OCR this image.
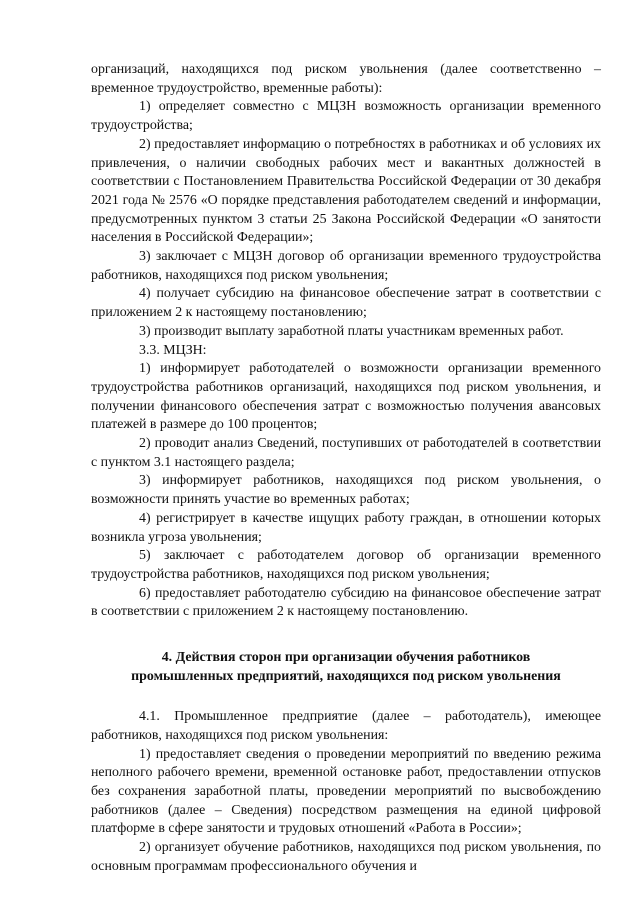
организаций, находящихся под риском увольнения (далее соответственно – временное трудоустройство, временные работы):

1) определяет совместно с МЦЗН возможность организации временного трудоустройства;

2) предоставляет информацию о потребностях в работниках и об условиях их привлечения, о наличии свободных рабочих мест и вакантных должностей в соответствии с Постановлением Правительства Российской Федерации от 30 декабря 2021 года № 2576 «О порядке представления работодателем сведений и информации, предусмотренных пунктом 3 статьи 25 Закона Российской Федерации «О занятости населения в Российской Федерации»;

3) заключает с МЦЗН договор об организации временного трудоустройства работников, находящихся под риском увольнения;

4) получает субсидию на финансовое обеспечение затрат в соответствии с приложением 2 к настоящему постановлению;

3) производит выплату заработной платы участникам временных работ.

3.3. МЦЗН:

1) информирует работодателей о возможности организации временного трудоустройства работников организаций, находящихся под риском увольнения, и получении финансового обеспечения затрат с возможностью получения авансовых платежей в размере до 100 процентов;

2) проводит анализ Сведений, поступивших от работодателей в соответствии с пунктом 3.1 настоящего раздела;

3) информирует работников, находящихся под риском увольнения, о возможности принять участие во временных работах;

4) регистрирует в качестве ищущих работу граждан, в отношении которых возникла угроза увольнения;

5) заключает с работодателем договор об организации временного трудоустройства работников, находящихся под риском увольнения;

6) предоставляет работодателю субсидию на финансовое обеспечение затрат в соответствии с приложением 2 к настоящему постановлению.

4. Действия сторон при организации обучения работников
промышленных предприятий, находящихся под риском увольнения

4.1. Промышленное предприятие (далее – работодатель), имеющее работников, находящихся под риском увольнения:

1) предоставляет сведения о проведении мероприятий по введению режима неполного рабочего времени, временной остановке работ, предоставлении отпусков без сохранения заработной платы, проведении мероприятий по высвобождению работников (далее – Сведения) посредством размещения на единой цифровой платформе в сфере занятости и трудовых отношений «Работа в России»;

2) организует обучение работников, находящихся под риском увольнения, по основным программам профессионального обучения и
